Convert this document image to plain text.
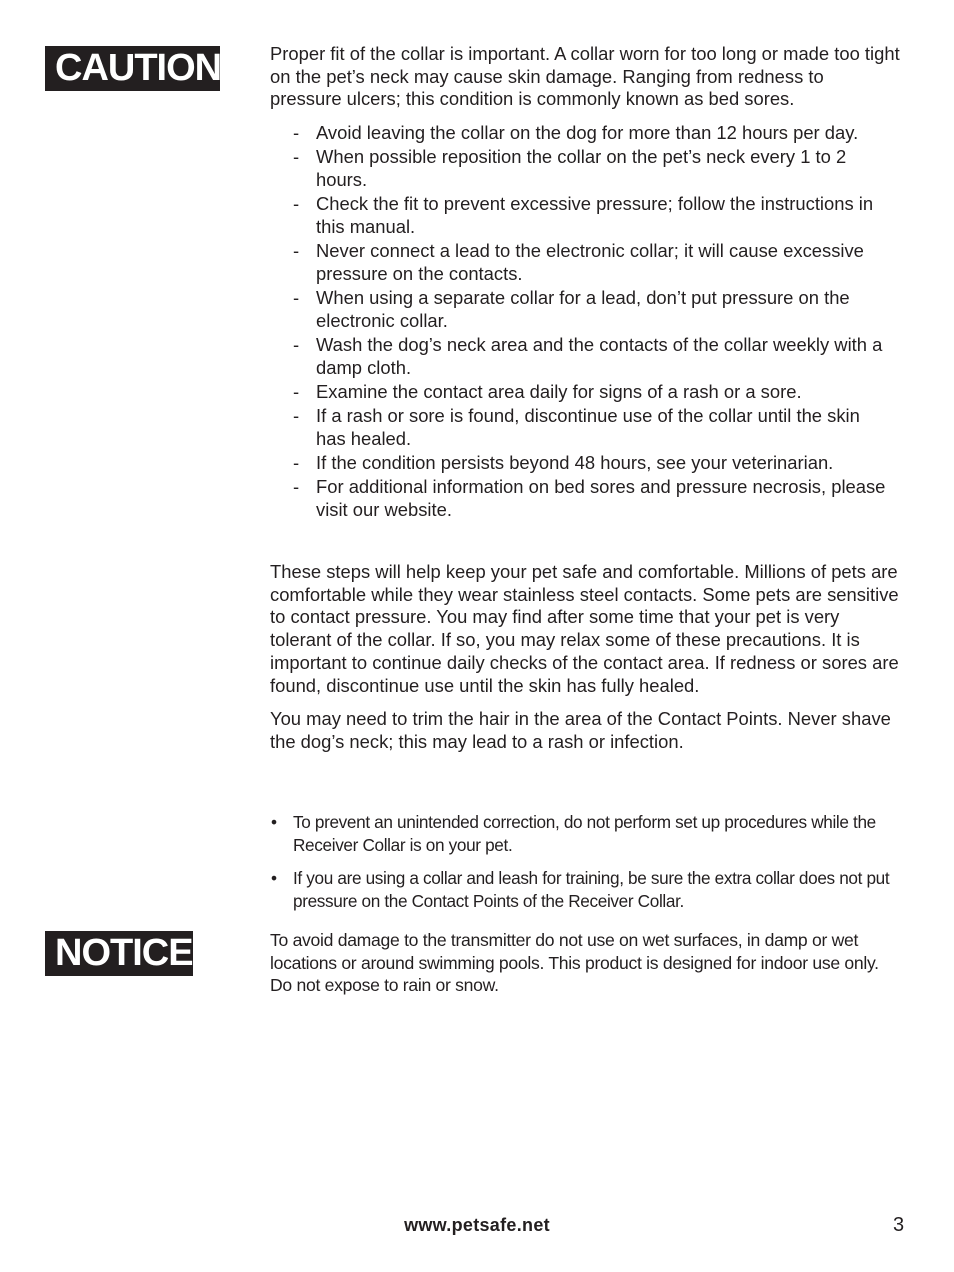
CAUTION	Proper fit of the collar is important. A collar worn for too long or made too tight on the pet’s neck may cause skin damage. Ranging from redness to pressure ulcers; this condition is commonly known as bed sores.

- Avoid leaving the collar on the dog for more than 12 hours per day.
- When possible reposition the collar on the pet’s neck every 1 to 2 hours.
- Check the fit to prevent excessive pressure; follow the instructions in this manual.
- Never connect a lead to the electronic collar; it will cause excessive pressure on the contacts.
- When using a separate collar for a lead, don’t put pressure on the electronic collar.
- Wash the dog’s neck area and the contacts of the collar weekly with a damp cloth.
- Examine the contact area daily for signs of a rash or a sore.
- If a rash or sore is found, discontinue use of the collar until the skin has healed.
- If the condition persists beyond 48 hours, see your veterinarian.
- For additional information on bed sores and pressure necrosis, please visit our website.

These steps will help keep your pet safe and comfortable. Millions of pets are comfortable while they wear stainless steel contacts. Some pets are sensitive to contact pressure. You may find after some time that your pet is very tolerant of the collar. If so, you may relax some of these precautions. It is important to continue daily checks of the contact area. If redness or sores are found, discontinue use until the skin has fully healed.

You may need to trim the hair in the area of the Contact Points. Never shave the dog’s neck; this may lead to a rash or infection.

• To prevent an unintended correction, do not perform set up procedures while the Receiver Collar is on your pet.
• If you are using a collar and leash for training, be sure the extra collar does not put pressure on the Contact Points of the Receiver Collar.
NOTICE	To avoid damage to the transmitter do not use on wet surfaces, in damp or wet locations or around swimming pools. This product is designed for indoor use only. Do not expose to rain or snow.

www.petsafe.net	3
